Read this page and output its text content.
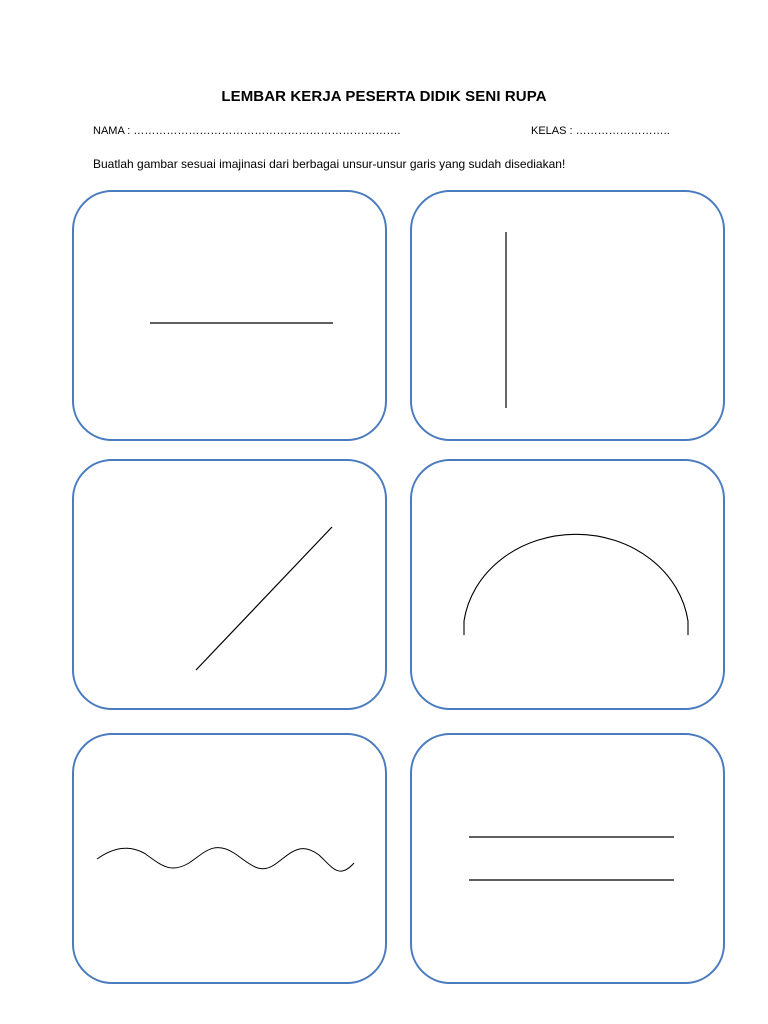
LEMBAR KERJA PESERTA DIDIK SENI RUPA
NAMA : ……………………………………………………………….	KELAS : ……………………..
Buatlah gambar sesuai imajinasi dari berbagai unsur-unsur garis yang sudah disediakan!
